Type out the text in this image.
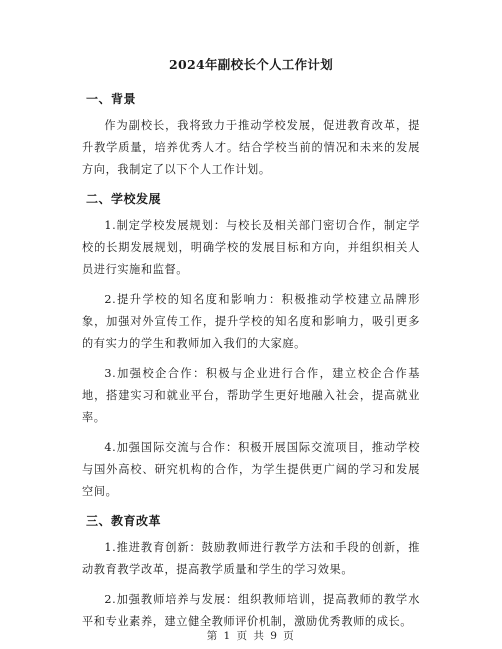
2024年副校长个人工作计划
一、背景

作为副校长，我将致力于推动学校发展，促进教育改革，提升教学质量，培养优秀人才。结合学校当前的情况和未来的发展方向，我制定了以下个人工作计划。

二、学校发展

1.制定学校发展规划：与校长及相关部门密切合作，制定学校的长期发展规划，明确学校的发展目标和方向，并组织相关人员进行实施和监督。

2.提升学校的知名度和影响力：积极推动学校建立品牌形象，加强对外宣传工作，提升学校的知名度和影响力，吸引更多的有实力的学生和教师加入我们的大家庭。

3.加强校企合作：积极与企业进行合作，建立校企合作基地，搭建实习和就业平台，帮助学生更好地融入社会，提高就业率。

4.加强国际交流与合作：积极开展国际交流项目，推动学校与国外高校、研究机构的合作，为学生提供更广阔的学习和发展空间。

三、教育改革

1.推进教育创新：鼓励教师进行教学方法和手段的创新，推动教育教学改革，提高教学质量和学生的学习效果。

2.加强教师培养与发展：组织教师培训，提高教师的教学水平和专业素养，建立健全教师评价机制，激励优秀教师的成长。

第 1 页 共 9 页
